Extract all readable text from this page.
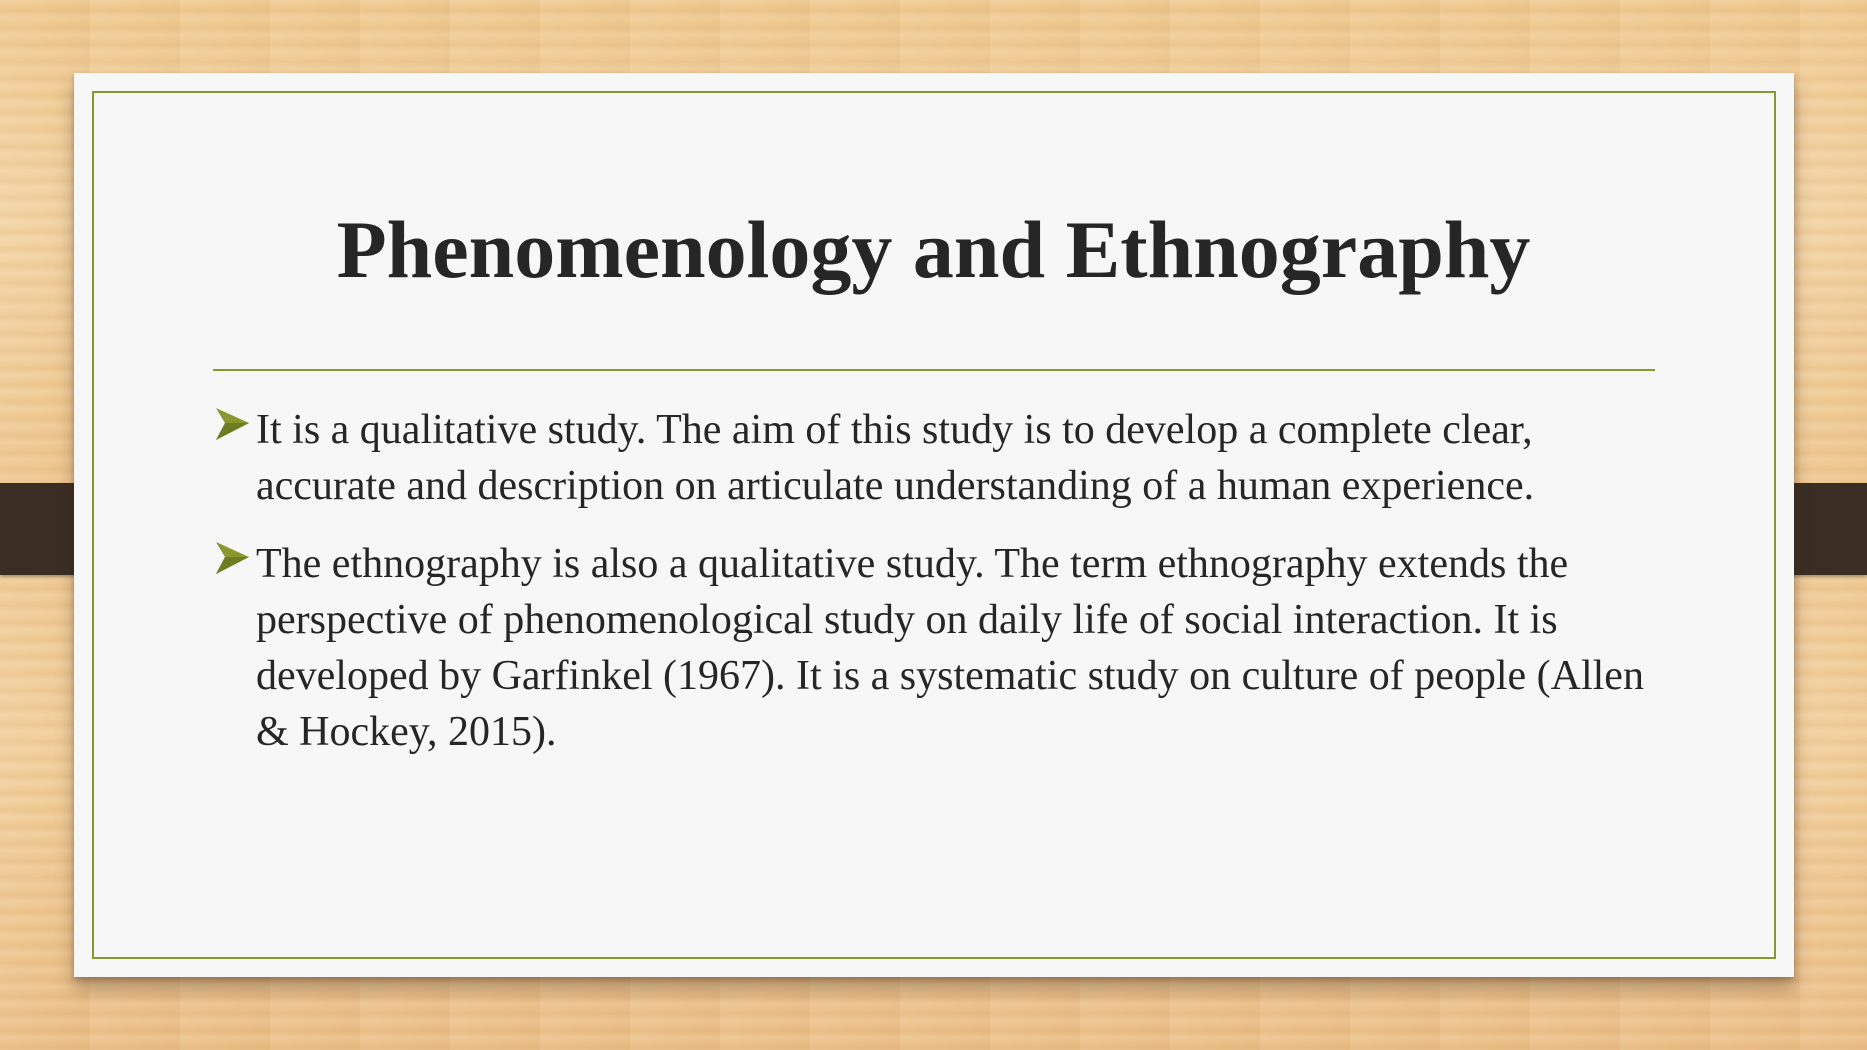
Phenomenology and Ethnography
It is a qualitative study. The aim of this study is to develop a complete clear, accurate and description on articulate understanding of a human experience.
The ethnography is also a qualitative study. The term ethnography extends the perspective of phenomenological study on daily life of social interaction. It is developed by Garfinkel (1967). It is a systematic study on culture of people (Allen & Hockey, 2015).
